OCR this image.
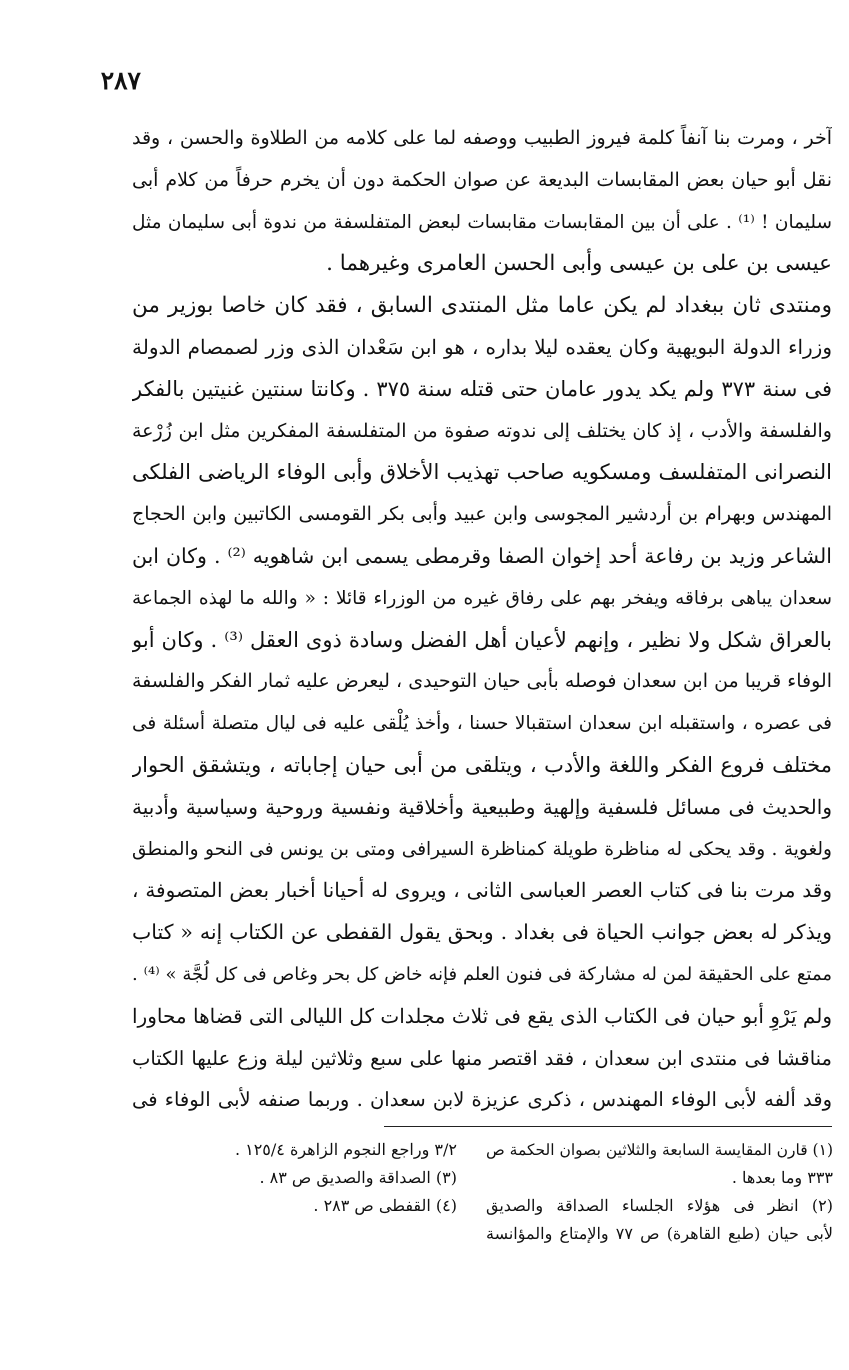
٢٨٧
آخر ، ومرت بنا آنفاً كلمة فيروز الطبيب ووصفه لما على كلامه من الطلاوة والحسن ، وقد
نقل أبو حيان بعض المقابسات البديعة عن صوان الحكمة دون أن يخرم حرفاً من كلام أبى
سليمان ! ⁽¹⁾ . على أن بين المقابسات مقابسات لبعض المتفلسفة من ندوة أبى سليمان مثل
عيسى بن على بن عيسى وأبى الحسن العامرى وغيرهما .
ومنتدى ثان ببغداد لم يكن عاما مثل المنتدى السابق ، فقد كان خاصا بوزير من
وزراء الدولة البويهية وكان يعقده ليلا بداره ، هو ابن سَعْدان الذى وزر لصمصام الدولة
فى سنة ٣٧٣ ولم يكد يدور عامان حتى قتله سنة ٣٧٥ . وكانتا سنتين غنيتين بالفكر
والفلسفة والأدب ، إذ كان يختلف إلى ندوته صفوة من المتفلسفة المفكرين مثل ابن زُرْعة
النصرانى المتفلسف ومسكويه صاحب تهذيب الأخلاق وأبى الوفاء الرياضى الفلكى
المهندس وبهرام بن أردشير المجوسى وابن عبيد وأبى بكر القومسى الكاتبين وابن الحجاج
الشاعر وزيد بن رفاعة أحد إخوان الصفا وقرمطى يسمى ابن شاهويه ⁽²⁾ . وكان ابن
سعدان يباهى برفاقه ويفخر بهم على رفاق غيره من الوزراء قائلا : « والله ما لهذه الجماعة
بالعراق شكل ولا نظير ، وإنهم لأعيان أهل الفضل وسادة ذوى العقل ⁽³⁾ . وكان أبو
الوفاء قريبا من ابن سعدان فوصله بأبى حيان التوحيدى ، ليعرض عليه ثمار الفكر والفلسفة
فى عصره ، واستقبله ابن سعدان استقبالا حسنا ، وأخذ يُلْقى عليه فى ليال متصلة أسئلة فى
مختلف فروع الفكر واللغة والأدب ، ويتلقى من أبى حيان إجاباته ، ويتشقق الحوار
والحديث فى مسائل فلسفية وإلهية وطبيعية وأخلاقية ونفسية وروحية وسياسية وأدبية
ولغوية . وقد يحكى له مناظرة طويلة كمناظرة السيرافى ومتى بن يونس فى النحو والمنطق
وقد مرت بنا فى كتاب العصر العباسى الثانى ، ويروى له أحيانا أخبار بعض المتصوفة ،
ويذكر له بعض جوانب الحياة فى بغداد . وبحق يقول القفطى عن الكتاب إنه « كتاب
ممتع على الحقيقة لمن له مشاركة فى فنون العلم فإنه خاض كل بحر وغاص فى كل لُجَّة » ⁽⁴⁾ .
ولم يَرْوِ أبو حيان فى الكتاب الذى يقع فى ثلاث مجلدات كل الليالى التى قضاها محاورا
مناقشا فى منتدى ابن سعدان ، فقد اقتصر منها على سبع وثلاثين ليلة وزع عليها الكتاب
وقد ألفه لأبى الوفاء المهندس ، ذكرى عزيزة لابن سعدان . وربما صنفه لأبى الوفاء فى
(١) قارن المقايسة السابعة والثلاثين بصوان الحكمة ص
٣٣٣ وما بعدها .
(٢) انظر فى هؤلاء الجلساء الصداقة والصديق
لأبى حيان (طبع القاهرة) ص ٧٧ والإمتاع والمؤانسة
٣/٢ وراجع النجوم الزاهرة ١٢٥/٤ .
(٣) الصداقة والصديق ص ٨٣ .
(٤) القفطى ص ٢٨٣ .
